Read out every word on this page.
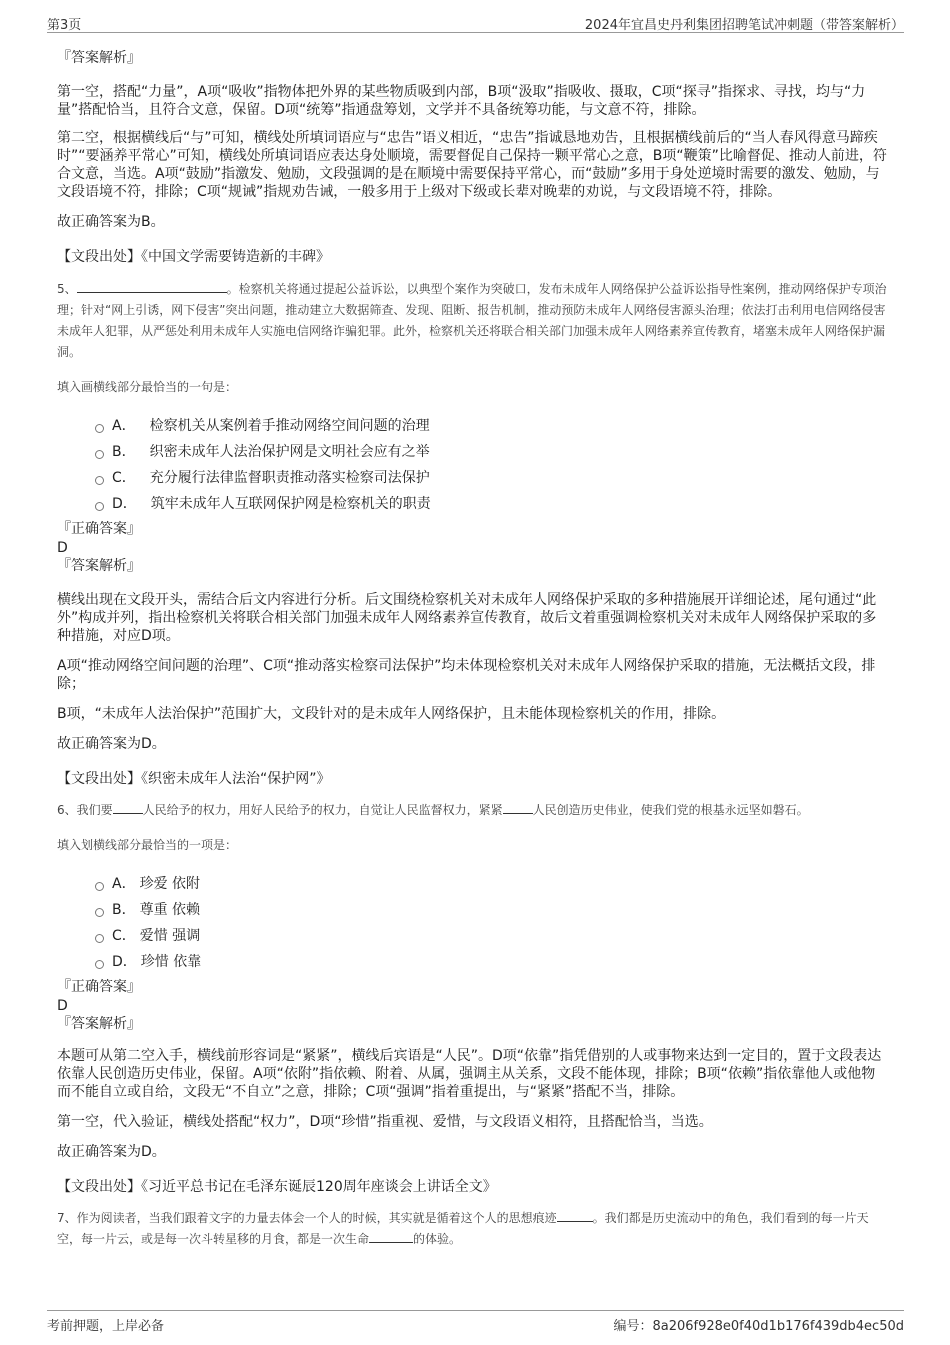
第3页	2024年宜昌史丹利集团招聘笔试冲刺题（带答案解析）

『答案解析』

第一空，搭配“力量”，A项“吸收”指物体把外界的某些物质吸到内部，B项“汲取”指吸收、摄取，C项“探寻”指探求、寻找，均与“力量”搭配恰当，且符合文意，保留。D项“统筹”指通盘筹划，文学并不具备统筹功能，与文意不符，排除。

第二空，根据横线后“与”可知，横线处所填词语应与“忠告”语义相近，“忠告”指诚恳地劝告，且根据横线前后的“当人春风得意马蹄疾时”“要涵养平常心”可知，横线处所填词语应表达身处顺境，需要督促自己保持一颗平常心之意，B项“鞭策”比喻督促、推动人前进，符合文意，当选。A项“鼓励”指激发、勉励，文段强调的是在顺境中需要保持平常心，而“鼓励”多用于身处逆境时需要的激发、勉励，与文段语境不符，排除；C项“规诫”指规劝告诫，一般多用于上级对下级或长辈对晚辈的劝说，与文段语境不符，排除。

故正确答案为B。

【文段出处】《中国文学需要铸造新的丰碑》

5、	。检察机关将通过提起公益诉讼，以典型个案作为突破口，发布未成年人网络保护公益诉讼指导性案例，推动网络保护专项治理；针对“网上引诱，网下侵害”突出问题，推动建立大数据筛查、发现、阻断、报告机制，推动预防未成年人网络侵害源头治理；依法打击利用电信网络侵害未成年人犯罪，从严惩处利用未成年人实施电信网络诈骗犯罪。此外，检察机关还将联合相关部门加强未成年人网络素养宣传教育，堵塞未成年人网络保护漏洞。

填入画横线部分最恰当的一句是：

A． 检察机关从案例着手推动网络空间问题的治理
B． 织密未成年人法治保护网是文明社会应有之举
C． 充分履行法律监督职责推动落实检察司法保护
D． 筑牢未成年人互联网保护网是检察机关的职责

『正确答案』

D

『答案解析』

横线出现在文段开头，需结合后文内容进行分析。后文围绕检察机关对未成年人网络保护采取的多种措施展开详细论述，尾句通过“此外”构成并列，指出检察机关将联合相关部门加强未成年人网络素养宣传教育，故后文着重强调检察机关对未成年人网络保护采取的多种措施，对应D项。

A项“推动网络空间问题的治理”、C项“推动落实检察司法保护”均未体现检察机关对未成年人网络保护采取的措施，无法概括文段，排除；

B项，“未成年人法治保护”范围扩大，文段针对的是未成年人网络保护，且未能体现检察机关的作用，排除。

故正确答案为D。

【文段出处】《织密未成年人法治“保护网”》

6、我们要	人民给予的权力，用好人民给予的权力，自觉让人民监督权力，紧紧	人民创造历史伟业，使我们党的根基永远坚如磐石。

填入划横线部分最恰当的一项是：

A． 珍爱 依附
B． 尊重 依赖
C． 爱惜 强调
D． 珍惜 依靠

『正确答案』

D

『答案解析』

本题可从第二空入手，横线前形容词是“紧紧”，横线后宾语是“人民”。D项“依靠”指凭借别的人或事物来达到一定目的，置于文段表达依靠人民创造历史伟业，保留。A项“依附”指依赖、附着、从属，强调主从关系，文段不能体现，排除；B项“依赖”指依靠他人或他物而不能自立或自给，文段无“不自立”之意，排除；C项“强调”指着重提出，与“紧紧”搭配不当，排除。

第一空，代入验证，横线处搭配“权力”，D项“珍惜”指重视、爱惜，与文段语义相符，且搭配恰当，当选。

故正确答案为D。

【文段出处】《习近平总书记在毛泽东诞辰120周年座谈会上讲话全文》

7、作为阅读者，当我们跟着文字的力量去体会一个人的时候，其实就是循着这个人的思想痕迹	。我们都是历史流动中的角色，我们看到的每一片天空，每一片云，或是每一次斗转星移的月食，都是一次生命	的体验。

考前押题，上岸必备	编号：8a206f928e0f40d1b176f439db4ec50d
